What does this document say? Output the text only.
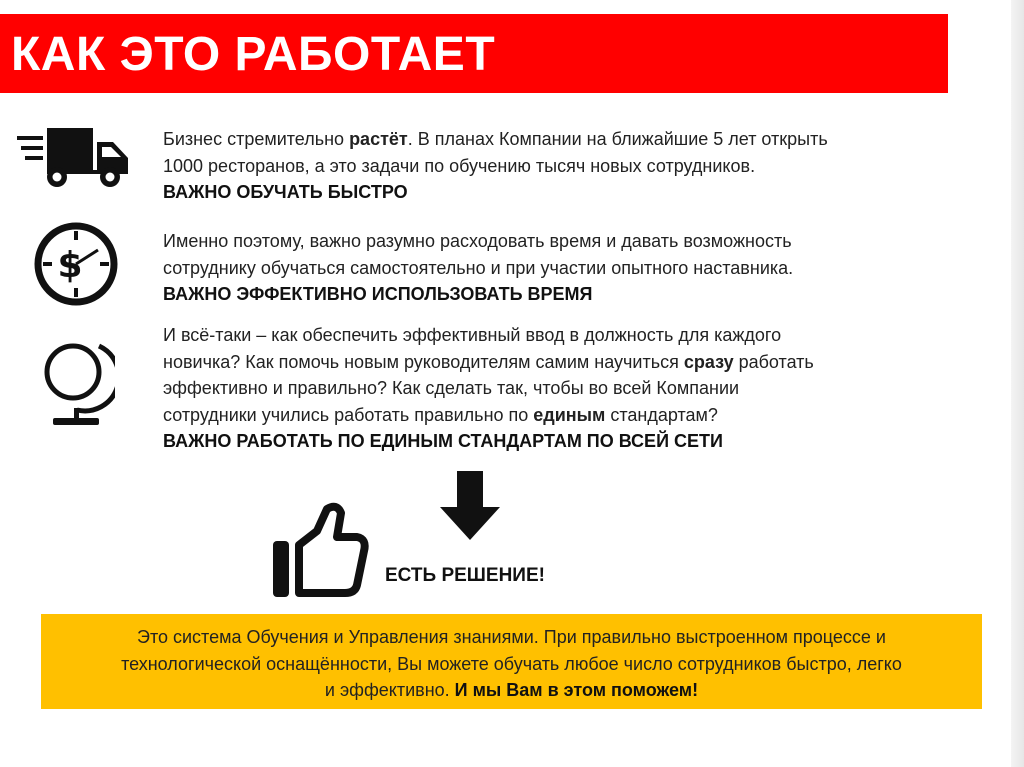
КАК ЭТО РАБОТАЕТ
$
Бизнес стремительно растёт. В планах Компании на ближайшие 5 лет открыть
1000 ресторанов, а это задачи по обучению тысяч новых сотрудников.
ВАЖНО ОБУЧАТЬ БЫСТРО
Именно поэтому, важно разумно расходовать время и давать возможность
сотруднику обучаться самостоятельно и при участии опытного наставника.
ВАЖНО ЭФФЕКТИВНО ИСПОЛЬЗОВАТЬ ВРЕМЯ
И всё-таки – как обеспечить эффективный ввод в должность для каждого
новичка? Как помочь новым руководителям самим научиться сразу работать
эффективно и правильно? Как сделать так, чтобы во всей Компании
сотрудники учились работать правильно по единым стандартам?
ВАЖНО РАБОТАТЬ ПО ЕДИНЫМ СТАНДАРТАМ ПО ВСЕЙ СЕТИ
ЕСТЬ РЕШЕНИЕ!
Это система Обучения и Управления знаниями. При правильно выстроенном процессе и
технологической оснащённости, Вы можете обучать любое число сотрудников быстро, легко
и эффективно. И мы Вам в этом поможем!
